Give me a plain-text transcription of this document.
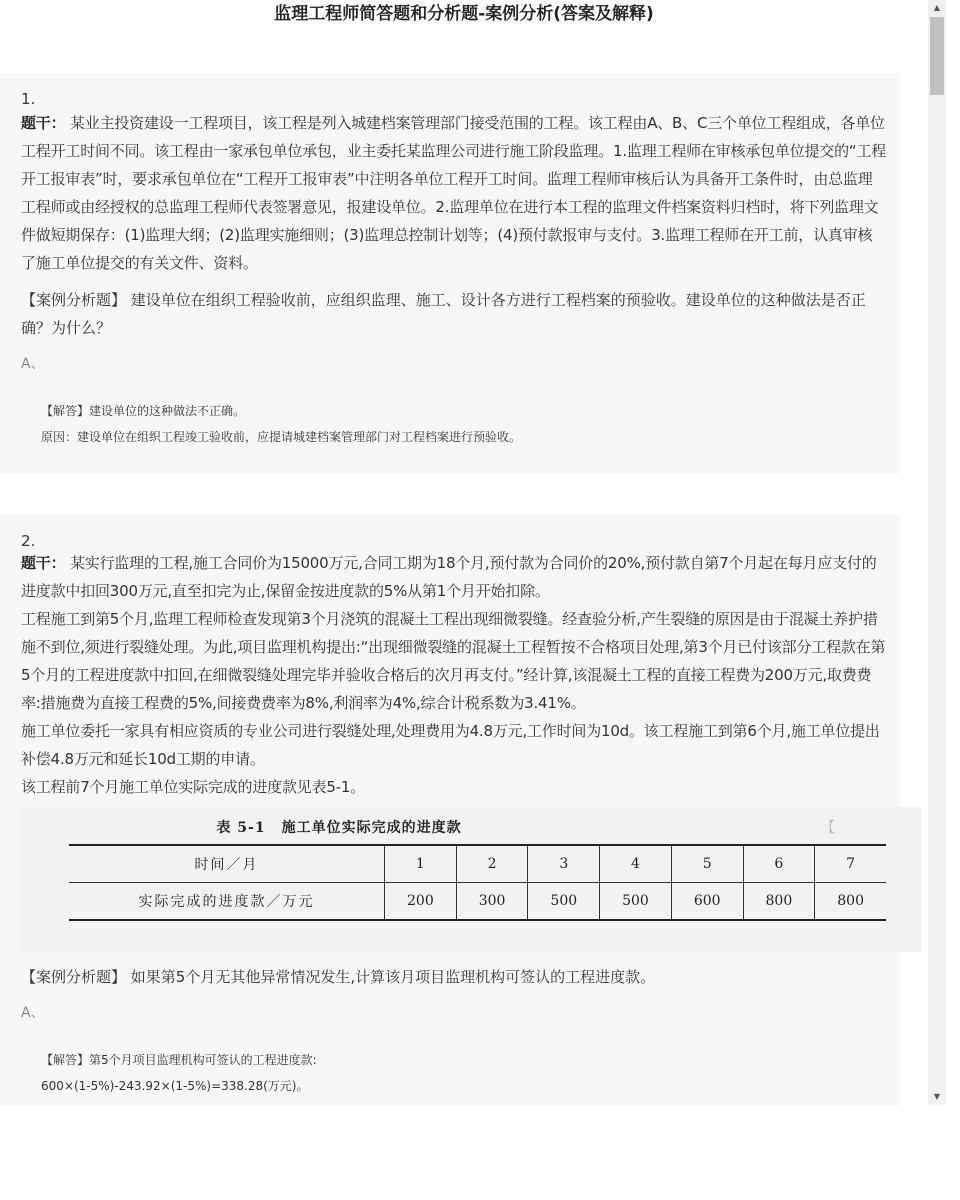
监理工程师简答题和分析题-案例分析(答案及解释)
1.
题干： 某业主投资建设一工程项目，该工程是列入城建档案管理部门接受范围的工程。该工程由A、B、C三个单位工程组成，各单位工程开工时间不同。该工程由一家承包单位承包，业主委托某监理公司进行施工阶段监理。1.监理工程师在审核承包单位提交的“工程开工报审表”时，要求承包单位在“工程开工报审表”中注明各单位工程开工时间。监理工程师审核后认为具备开工条件时，由总监理工程师或由经授权的总监理工程师代表签署意见，报建设单位。2.监理单位在进行本工程的监理文件档案资料归档时，将下列监理文件做短期保存：(1)监理大纲；(2)监理实施细则；(3)监理总控制计划等；(4)预付款报审与支付。3.监理工程师在开工前，认真审核了施工单位提交的有关文件、资料。
【案例分析题】 建设单位在组织工程验收前，应组织监理、施工、设计各方进行工程档案的预验收。建设单位的这种做法是否正确？为什么？
A、

【解答】建设单位的这种做法不正确。

原因：建设单位在组织工程竣工验收前，应提请城建档案管理部门对工程档案进行预验收。

2.

题干： 某实行监理的工程,施工合同价为15000万元,合同工期为18个月,预付款为合同价的20%,预付款自第7个月起在每月应支付的进度款中扣回300万元,直至扣完为止,保留金按进度款的5%从第1个月开始扣除。

工程施工到第5个月,监理工程师检查发现第3个月浇筑的混凝土工程出现细微裂缝。经查验分析,产生裂缝的原因是由于混凝土养护措施不到位,须进行裂缝处理。为此,项目监理机构提出:“出现细微裂缝的混凝土工程暂按不合格项目处理,第3个月已付该部分工程款在第5个月的工程进度款中扣回,在细微裂缝处理完毕并验收合格后的次月再支付。”经计算,该混凝土工程的直接工程费为200万元,取费费率:措施费为直接工程费的5%,间接费费率为8%,利润率为4%,综合计税系数为3.41%。

施工单位委托一家具有相应资质的专业公司进行裂缝处理,处理费用为4.8万元,工作时间为10d。该工程施工到第6个月,施工单位提出补偿4.8万元和延长10d工期的申请。

该工程前7个月施工单位实际完成的进度款见表5-1。

表 5-1 施工单位实际完成的进度款	【
时间／月	1	2	3	4	5	6	7
实际完成的进度款／万元	200	300	500	500	600	800	800
【案例分析题】 如果第5个月无其他异常情况发生,计算该月项目监理机构可签认的工程进度款。
A、

【解答】第5个月项目监理机构可签认的工程进度款:

600×(1-5%)-243.92×(1-5%)=338.28(万元)。

▲
▼
